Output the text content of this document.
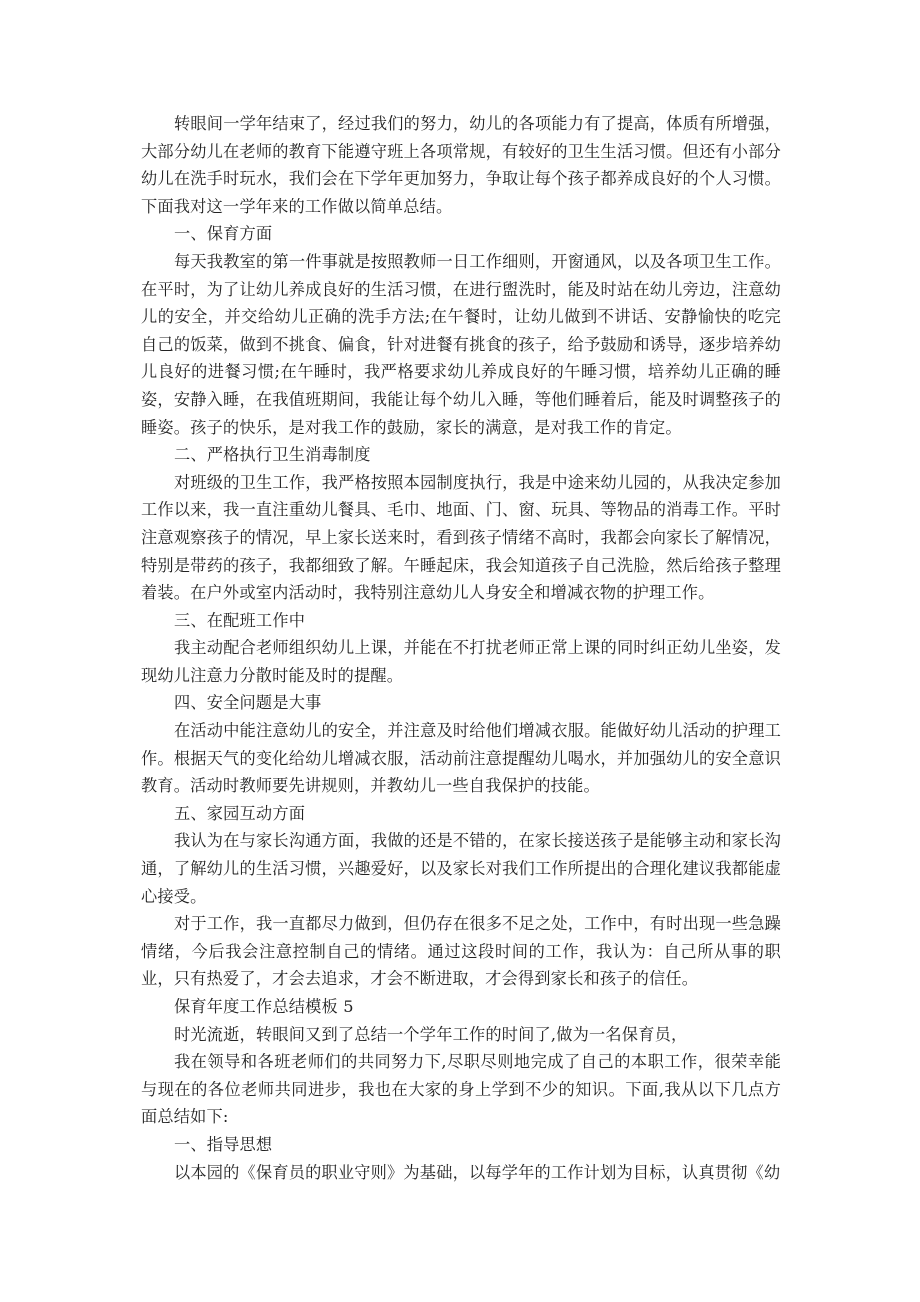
转眼间一学年结束了，经过我们的努力，幼儿的各项能力有了提高，体质有所增强，大部分幼儿在老师的教育下能遵守班上各项常规，有较好的卫生生活习惯。但还有小部分幼儿在洗手时玩水，我们会在下学年更加努力，争取让每个孩子都养成良好的个人习惯。下面我对这一学年来的工作做以简单总结。

一、保育方面

每天我教室的第一件事就是按照教师一日工作细则，开窗通风，以及各项卫生工作。在平时，为了让幼儿养成良好的生活习惯，在进行盥洗时，能及时站在幼儿旁边，注意幼儿的安全，并交给幼儿正确的洗手方法;在午餐时，让幼儿做到不讲话、安静愉快的吃完自己的饭菜，做到不挑食、偏食，针对进餐有挑食的孩子，给予鼓励和诱导，逐步培养幼儿良好的进餐习惯;在午睡时，我严格要求幼儿养成良好的午睡习惯，培养幼儿正确的睡姿，安静入睡，在我值班期间，我能让每个幼儿入睡，等他们睡着后，能及时调整孩子的睡姿。孩子的快乐，是对我工作的鼓励，家长的满意，是对我工作的肯定。

二、严格执行卫生消毒制度

对班级的卫生工作，我严格按照本园制度执行，我是中途来幼儿园的，从我决定参加工作以来，我一直注重幼儿餐具、毛巾、地面、门、窗、玩具、等物品的消毒工作。平时注意观察孩子的情况，早上家长送来时，看到孩子情绪不高时，我都会向家长了解情况，特别是带药的孩子，我都细致了解。午睡起床，我会知道孩子自己洗脸，然后给孩子整理着装。在户外或室内活动时，我特别注意幼儿人身安全和增减衣物的护理工作。

三、在配班工作中

我主动配合老师组织幼儿上课，并能在不打扰老师正常上课的同时纠正幼儿坐姿，发现幼儿注意力分散时能及时的提醒。

四、安全问题是大事

在活动中能注意幼儿的安全，并注意及时给他们增减衣服。能做好幼儿活动的护理工作。根据天气的变化给幼儿增减衣服，活动前注意提醒幼儿喝水，并加强幼儿的安全意识教育。活动时教师要先讲规则，并教幼儿一些自我保护的技能。

五、家园互动方面

我认为在与家长沟通方面，我做的还是不错的，在家长接送孩子是能够主动和家长沟通，了解幼儿的生活习惯，兴趣爱好，以及家长对我们工作所提出的合理化建议我都能虚心接受。

对于工作，我一直都尽力做到，但仍存在很多不足之处，工作中，有时出现一些急躁情绪，今后我会注意控制自己的情绪。通过这段时间的工作，我认为：自己所从事的职业，只有热爱了，才会去追求，才会不断进取，才会得到家长和孩子的信任。

保育年度工作总结模板 5

时光流逝，转眼间又到了总结一个学年工作的时间了,做为一名保育员，

我在领导和各班老师们的共同努力下,尽职尽则地完成了自己的本职工作，很荣幸能与现在的各位老师共同进步，我也在大家的身上学到不少的知识。下面,我从以下几点方面总结如下:

一、指导思想

以本园的《保育员的职业守则》为基础，以每学年的工作计划为目标，认真贯彻《幼
